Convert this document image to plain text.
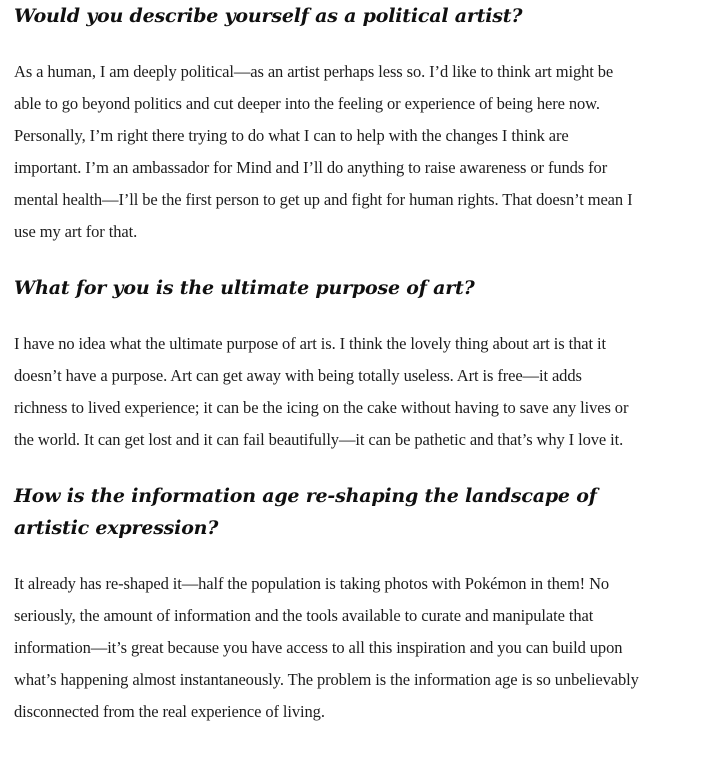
Would you describe yourself as a political artist?

As a human, I am deeply political—as an artist perhaps less so. I’d like to think art might be able to go beyond politics and cut deeper into the feeling or experience of being here now. Personally, I’m right there trying to do what I can to help with the changes I think are important. I’m an ambassador for Mind and I’ll do anything to raise awareness or funds for mental health—I’ll be the first person to get up and fight for human rights. That doesn’t mean I use my art for that.

What for you is the ultimate purpose of art?

I have no idea what the ultimate purpose of art is. I think the lovely thing about art is that it doesn’t have a purpose. Art can get away with being totally useless. Art is free—it adds richness to lived experience; it can be the icing on the cake without having to save any lives or the world. It can get lost and it can fail beautifully—it can be pathetic and that’s why I love it.

How is the information age re-shaping the landscape of artistic expression?

It already has re-shaped it—half the population is taking photos with Pokémon in them! No seriously, the amount of information and the tools available to curate and manipulate that information—it’s great because you have access to all this inspiration and you can build upon what’s happening almost instantaneously. The problem is the information age is so unbelievably disconnected from the real experience of living.
